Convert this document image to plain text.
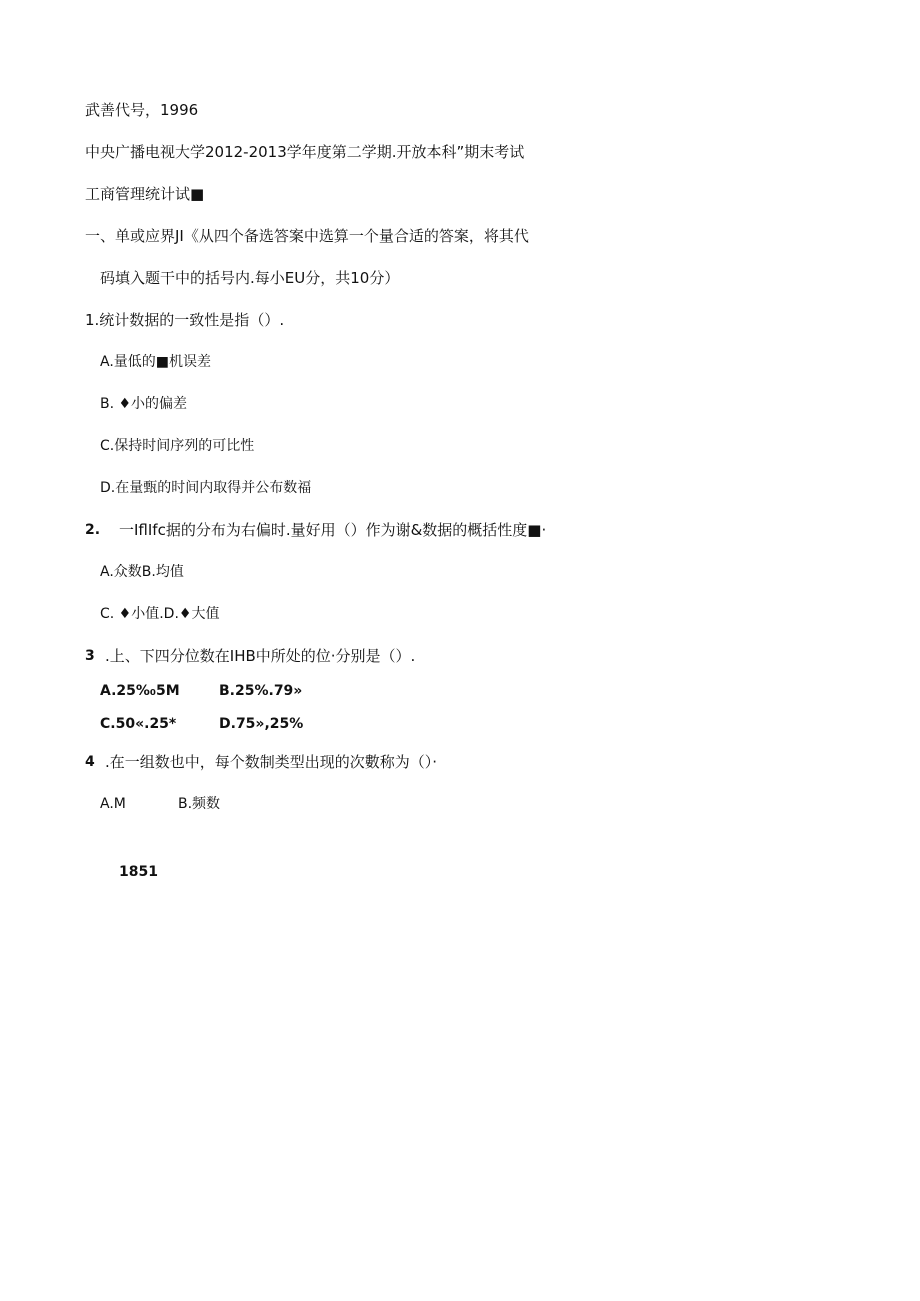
武善代号，1996
中央广播电视大学2012-2013学年度第二学期.开放本科”期末考试
工商管理统计试■
一、单或应界JI《从四个备选答案中选算一个量合适的答案，将其代
码填入题干中的括号内.每小EU分，共10分）
1.统计数据的一致性是指（）.
A.量低的■机误差
B. ♦小的偏差
C.保持时间序列的可比性
D.在量甄的时间内取得并公布数福
2. 一IflIfc据的分布为右偏时.量好用（）作为谢&数据的概括性度■·
A.众数B.均值
C. ♦小值.D.♦大值
3 .上、下四分位数在IHB中所处的位·分别是（）.
A.25%₀5M	B.25%.79»
C.50«.25*	D.75»,25%
4 .在一组数也中，每个数制类型出现的次數称为（）·
A.M	B.频数
1851
